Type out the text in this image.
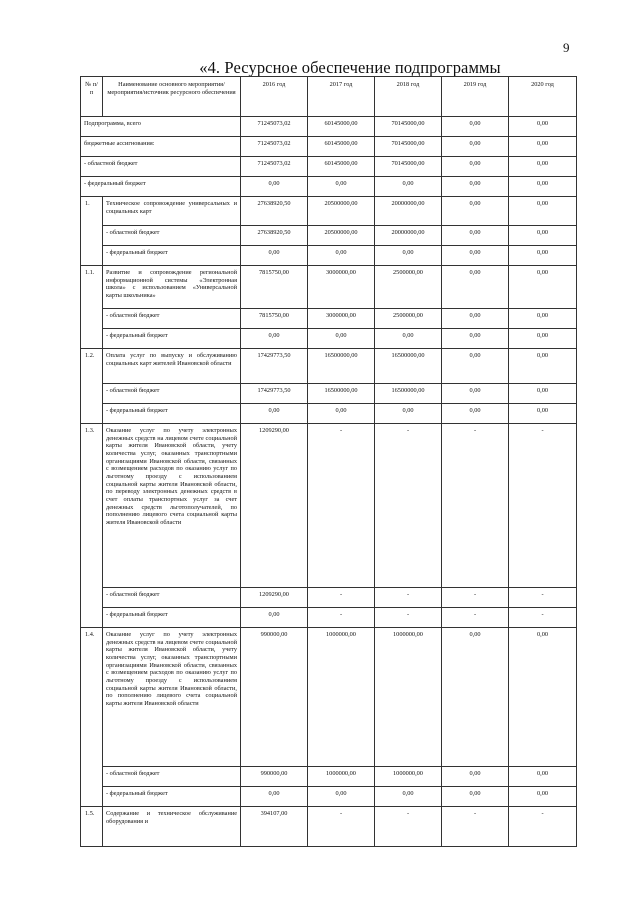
9
«4. Ресурсное обеспечение подпрограммы
№ п/п	Наименование основного мероприятия/мероприятия/источник ресурсного обеспечения	2016 год	2017 год	2018 год	2019 год	2020 год
Подпрограмма, всего		71245073,02	60145000,00	70145000,00	0,00	0,00
бюджетные ассигнования:		71245073,02	60145000,00	70145000,00	0,00	0,00
- областной бюджет		71245073,02	60145000,00	70145000,00	0,00	0,00
- федеральный бюджет		0,00	0,00	0,00	0,00	0,00
1.	Техническое сопровождение универсальных и социальных карт	27638920,50	20500000,00	20000000,00	0,00	0,00
	- областной бюджет	27638920,50	20500000,00	20000000,00	0,00	0,00
	- федеральный бюджет	0,00	0,00	0,00	0,00	0,00
1.1.	Развитие и сопровождение региональной информационной системы «Электронная школа» с использованием «Универсальной карты школьника»	7815750,00	3000000,00	2500000,00	0,00	0,00
	- областной бюджет	7815750,00	3000000,00	2500000,00	0,00	0,00
	- федеральный бюджет	0,00	0,00	0,00	0,00	0,00
1.2.	Оплата услуг по выпуску и обслуживанию социальных карт жителей Ивановской области	17429773,50	16500000,00	16500000,00	0,00	0,00
	- областной бюджет	17429773,50	16500000,00	16500000,00	0,00	0,00
	- федеральный бюджет	0,00	0,00	0,00	0,00	0,00
1.3.	Оказание услуг по учету электронных денежных средств на лицевом счете социальной карты жителя Ивановской области, учету количества услуг, оказанных транспортными организациями Ивановской области, связанных с возмещением расходов по оказанию услуг по льготному проезду с использованием социальной карты жителя Ивановской области, по переводу электронных денежных средств в счет оплаты транспортных услуг за счет денежных средств льготополучателей, по пополнению лицевого счета социальной карты жителя Ивановской области	1209290,00	-	-	-	-
	- областной бюджет	1209290,00	-	-	-	-
	- федеральный бюджет	0,00	-	-	-	-
1.4.	Оказание услуг по учету электронных денежных средств на лицевом счете социальной карты жителя Ивановской области, учету количества услуг, оказанных транспортными организациями Ивановской области, связанных с возмещением расходов по оказанию услуг по льготному проезду с использованием социальной карты жителя Ивановской области, по пополнению лицевого счета социальной карты жителя Ивановской области	990000,00	1000000,00	1000000,00	0,00	0,00
	- областной бюджет	990000,00	1000000,00	1000000,00	0,00	0,00
	- федеральный бюджет	0,00	0,00	0,00	0,00	0,00
1.5.	Содержание и техническое обслуживание оборудования и	394107,00	-	-	-	-
